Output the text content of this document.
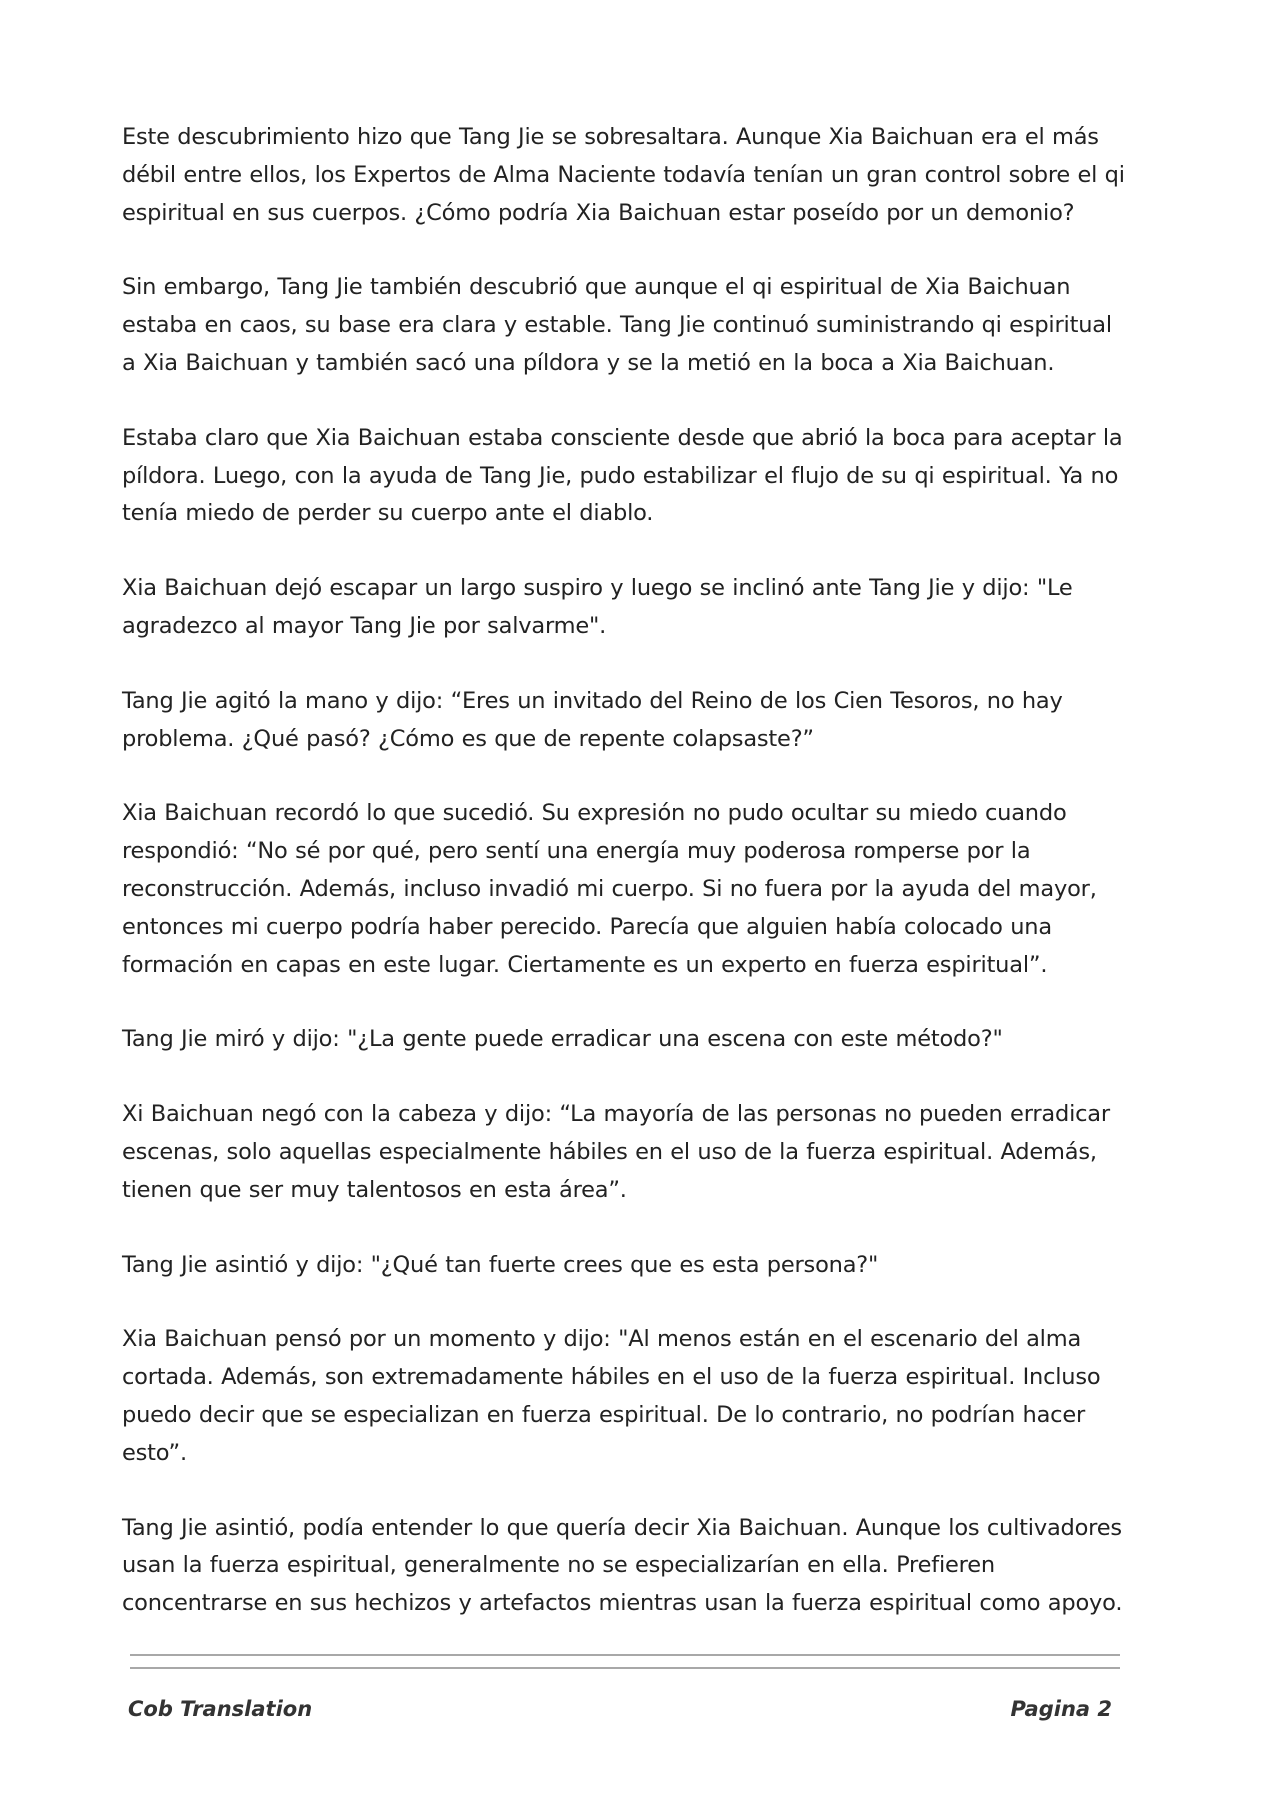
Este descubrimiento hizo que Tang Jie se sobresaltara. Aunque Xia Baichuan era el más débil entre ellos, los Expertos de Alma Naciente todavía tenían un gran control sobre el qi espiritual en sus cuerpos. ¿Cómo podría Xia Baichuan estar poseído por un demonio?

Sin embargo, Tang Jie también descubrió que aunque el qi espiritual de Xia Baichuan estaba en caos, su base era clara y estable. Tang Jie continuó suministrando qi espiritual a Xia Baichuan y también sacó una píldora y se la metió en la boca a Xia Baichuan.

Estaba claro que Xia Baichuan estaba consciente desde que abrió la boca para aceptar la píldora. Luego, con la ayuda de Tang Jie, pudo estabilizar el flujo de su qi espiritual. Ya no tenía miedo de perder su cuerpo ante el diablo.

Xia Baichuan dejó escapar un largo suspiro y luego se inclinó ante Tang Jie y dijo: "Le agradezco al mayor Tang Jie por salvarme".

Tang Jie agitó la mano y dijo: “Eres un invitado del Reino de los Cien Tesoros, no hay problema. ¿Qué pasó? ¿Cómo es que de repente colapsaste?”

Xia Baichuan recordó lo que sucedió. Su expresión no pudo ocultar su miedo cuando respondió: “No sé por qué, pero sentí una energía muy poderosa romperse por la reconstrucción. Además, incluso invadió mi cuerpo. Si no fuera por la ayuda del mayor, entonces mi cuerpo podría haber perecido. Parecía que alguien había colocado una formación en capas en este lugar. Ciertamente es un experto en fuerza espiritual”.

Tang Jie miró y dijo: "¿La gente puede erradicar una escena con este método?"

Xi Baichuan negó con la cabeza y dijo: “La mayoría de las personas no pueden erradicar escenas, solo aquellas especialmente hábiles en el uso de la fuerza espiritual. Además, tienen que ser muy talentosos en esta área”.

Tang Jie asintió y dijo: "¿Qué tan fuerte crees que es esta persona?"

Xia Baichuan pensó por un momento y dijo: "Al menos están en el escenario del alma cortada. Además, son extremadamente hábiles en el uso de la fuerza espiritual. Incluso puedo decir que se especializan en fuerza espiritual. De lo contrario, no podrían hacer esto”.

Tang Jie asintió, podía entender lo que quería decir Xia Baichuan. Aunque los cultivadores usan la fuerza espiritual, generalmente no se especializarían en ella. Prefieren concentrarse en sus hechizos y artefactos mientras usan la fuerza espiritual como apoyo.

Cob Translation	Pagina 2
